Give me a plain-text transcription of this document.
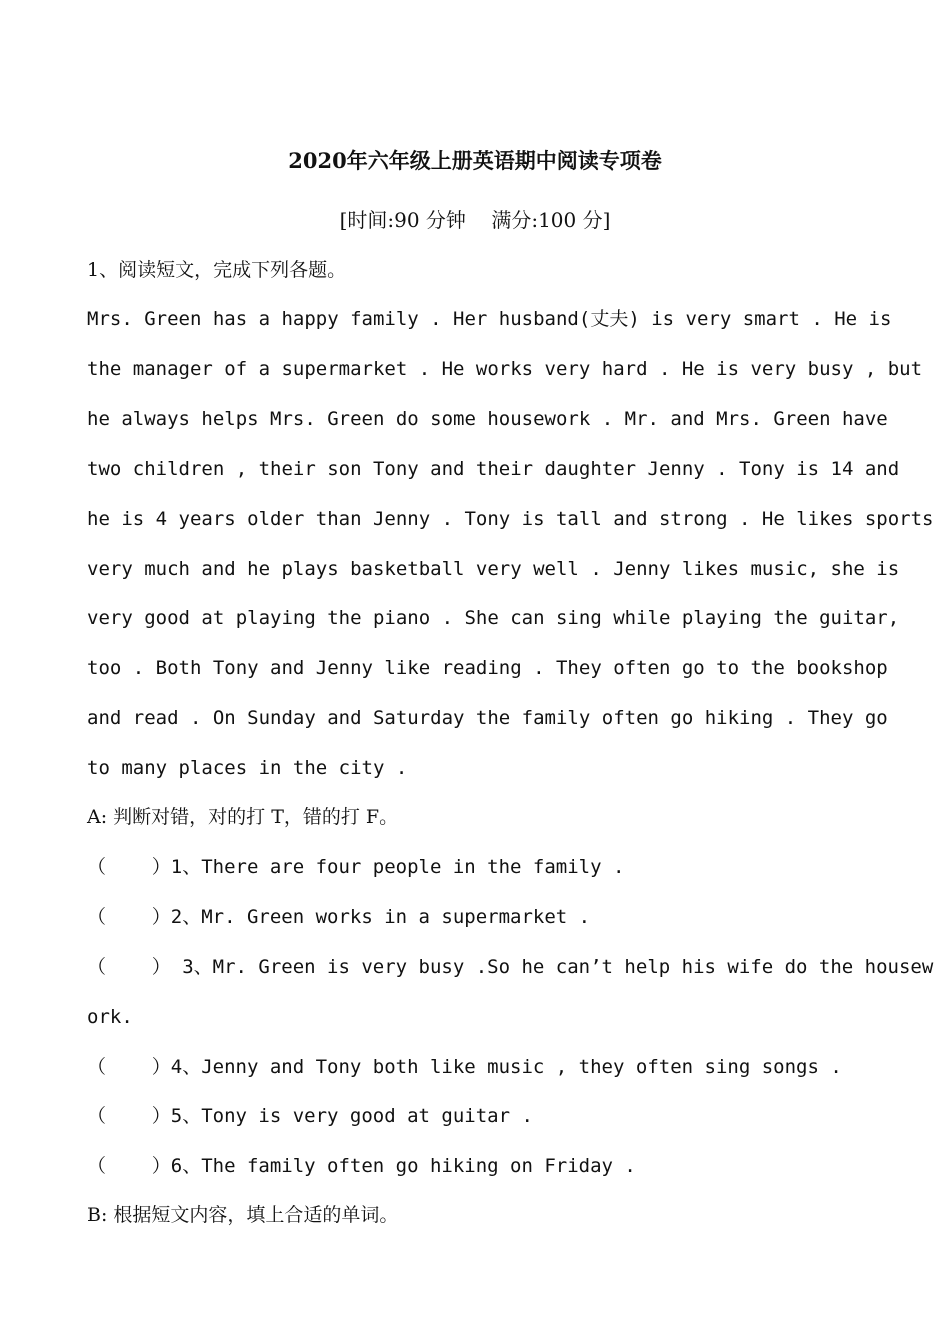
2020年六年级上册英语期中阅读专项卷
[时间:90 分钟    满分:100 分]
1、阅读短文，完成下列各题。
Mrs. Green has a happy family . Her husband(丈夫) is very smart . He is
the manager of a supermarket . He works very hard . He is very busy , but
he always helps Mrs. Green do some housework . Mr. and Mrs. Green have
two children , their son Tony and their daughter Jenny . Tony is 14 and
he is 4 years older than Jenny . Tony is tall and strong . He likes sports
very much and he plays basketball very well . Jenny likes music, she is
very good at playing the piano . She can sing while playing the guitar,
too . Both Tony and Jenny like reading . They often go to the bookshop
and read . On Sunday and Saturday the family often go hiking . They go
to many places in the city .
A: 判断对错，对的打 T，错的打 F。
（    ）1、There are four people in the family .
（    ）2、Mr. Green works in a supermarket .
（    ） 3、Mr. Green is very busy .So he can’t help his wife do the housew
ork.
（    ）4、Jenny and Tony both like music , they often sing songs .
（    ）5、Tony is very good at guitar .
（    ）6、The family often go hiking on Friday .
B: 根据短文内容，填上合适的单词。
